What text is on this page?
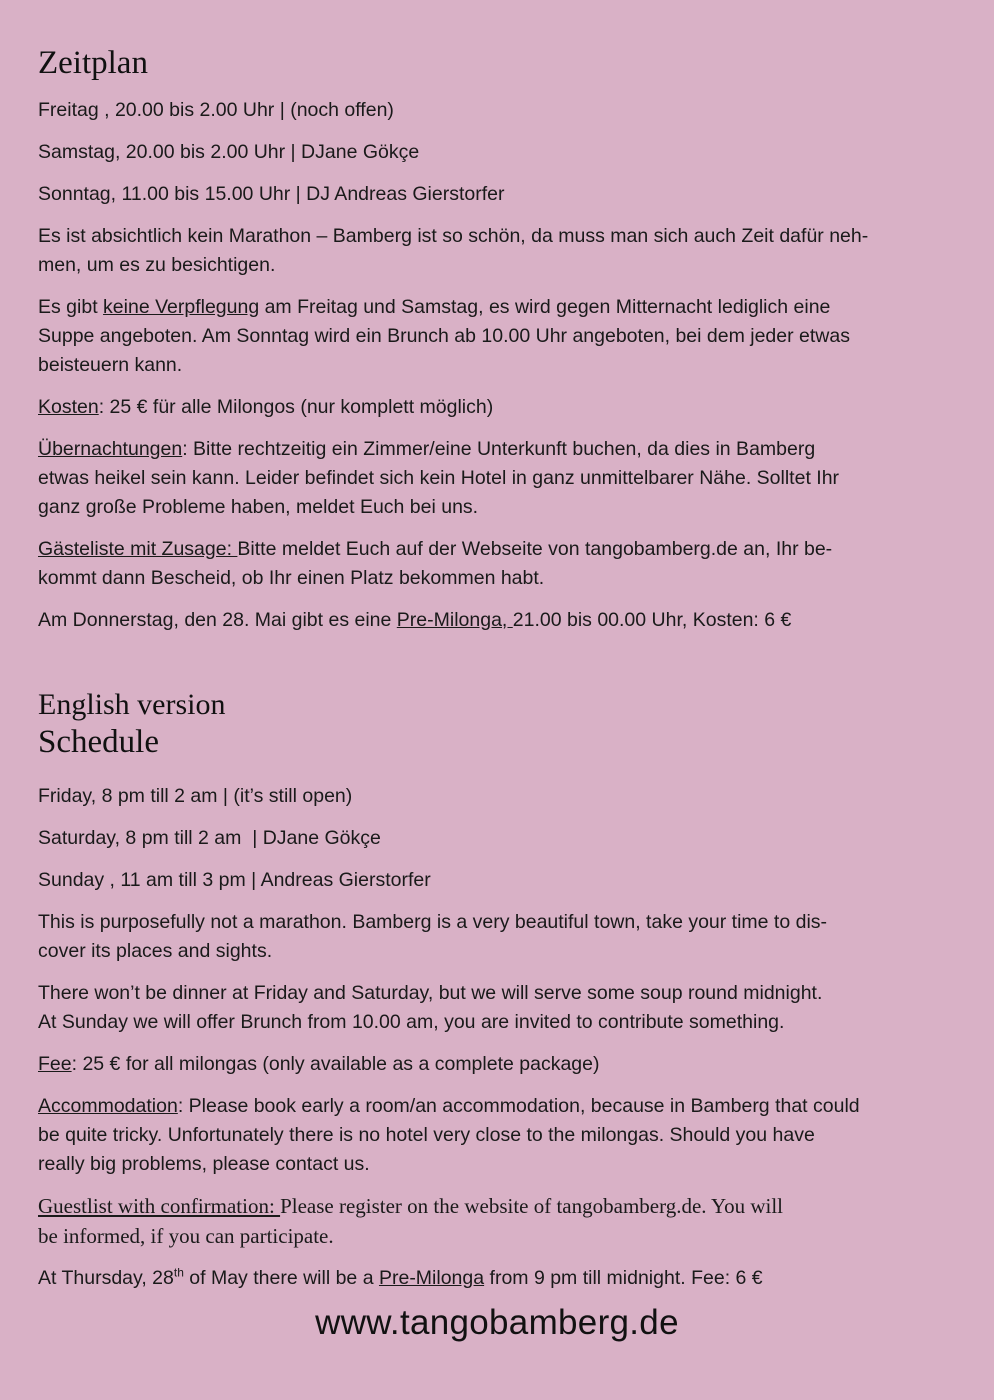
Zeitplan

Freitag , 20.00 bis 2.00 Uhr | (noch offen)

Samstag, 20.00 bis 2.00 Uhr | DJane Gökçe

Sonntag, 11.00 bis 15.00 Uhr | DJ Andreas Gierstorfer

Es ist absichtlich kein Marathon – Bamberg ist so schön, da muss man sich auch Zeit dafür neh-

men, um es zu besichtigen.

Es gibt keine Verpflegung am Freitag und Samstag, es wird gegen Mitternacht lediglich eine

Suppe angeboten. Am Sonntag wird ein Brunch ab 10.00 Uhr angeboten, bei dem jeder etwas

beisteuern kann.

Kosten: 25 € für alle Milongos (nur komplett möglich)

Übernachtungen: Bitte rechtzeitig ein Zimmer/eine Unterkunft buchen, da dies in Bamberg

etwas heikel sein kann. Leider befindet sich kein Hotel in ganz unmittelbarer Nähe. Solltet Ihr

ganz große Probleme haben, meldet Euch bei uns.

Gästeliste mit Zusage: Bitte meldet Euch auf der Webseite von tangobamberg.de an, Ihr be-

kommt dann Bescheid, ob Ihr einen Platz bekommen habt.

Am Donnerstag, den 28. Mai gibt es eine Pre-Milonga, 21.00 bis 00.00 Uhr, Kosten: 6 €

English version
Schedule

Friday, 8 pm till 2 am | (it’s still open)

Saturday, 8 pm till 2 am  | DJane Gökçe

Sunday , 11 am till 3 pm | Andreas Gierstorfer

This is purposefully not a marathon. Bamberg is a very beautiful town, take your time to dis-

cover its places and sights.

There won’t be dinner at Friday and Saturday, but we will serve some soup round midnight.

At Sunday we will offer Brunch from 10.00 am, you are invited to contribute something.

Fee: 25 € for all milongas (only available as a complete package)

Accommodation: Please book early a room/an accommodation, because in Bamberg that could

be quite tricky. Unfortunately there is no hotel very close to the milongas. Should you have

really big problems, please contact us.

Guestlist with confirmation: Please register on the website of tangobamberg.de. You will

be informed, if you can participate.

At Thursday, 28th of May there will be a Pre-Milonga from 9 pm till midnight. Fee: 6 €

www.tangobamberg.de
